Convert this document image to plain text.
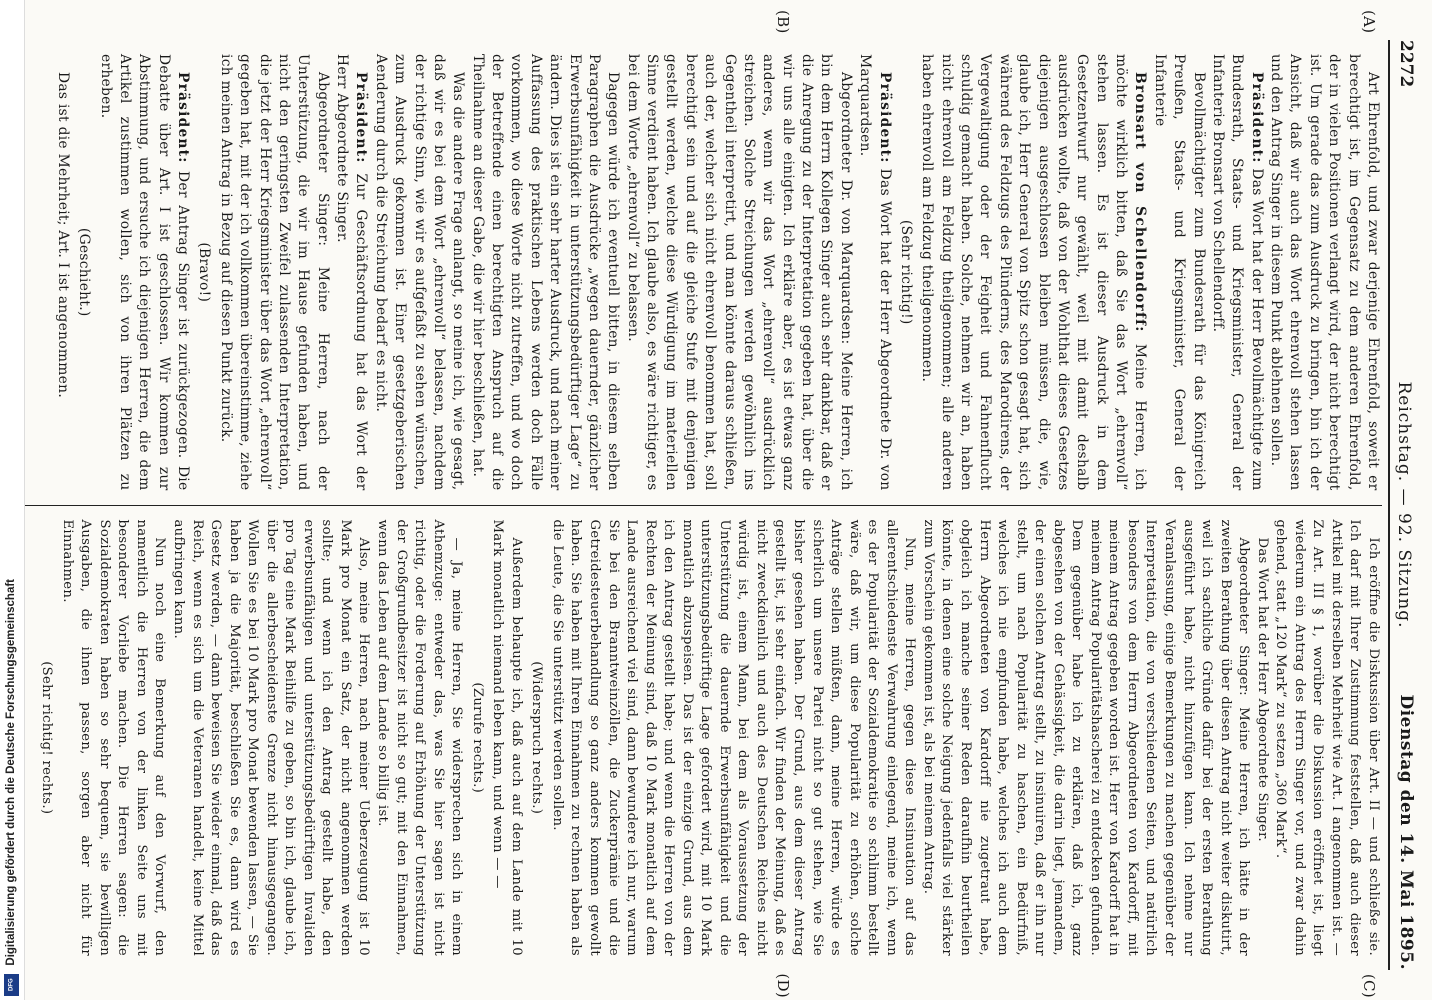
DFG
Digitalisierung gefördert durch die Deutsche Forschungsgemeinschaft
2272
Reichstag. — 92. Sitzung.
Dienstag den 14. Mai 1895.
(A)
(B)

Art Ehrenfold, und zwar derjenige Ehrenfold, soweit er berechtigt ist, im Gegensatz zu dem anderen Ehrenfold, der in vielen Positionen verlangt wird, der nicht berechtigt ist. Um gerade das zum Ausdruck zu bringen, bin ich der Ansicht, daß wir auch das Wort ehrenvoll stehen lassen und den Antrag Singer in diesem Punkt ablehnen sollen.

Präsident: Das Wort hat der Herr Bevollmächtigte zum Bundesrath, Staats- und Kriegsminister, General der Infanterie Bronsart von Schellendorff.

Bevollmächtigter zum Bundesrath für das Königreich Preußen, Staats- und Kriegsminister, General der Infanterie

Bronsart von Schellendorff: Meine Herren, ich möchte wirklich bitten, daß Sie das Wort „ehrenvoll“ stehen lassen. Es ist dieser Ausdruck in dem Gesetzentwurf nur gewählt, weil mit damit deshalb ausdrücken wollte, daß von der Wohlthat dieses Gesetzes diejenigen ausgeschlossen bleiben müssen, die, wie, glaube ich, Herr General von Spitz schon gesagt hat, sich während des Feldzugs des Plünderns, des Marodirens, der Vergewaltigung oder der Feigheit und Fahnenflucht schuldig gemacht haben. Solche, nehmen wir an, haben nicht ehrenvoll am Feldzug theilgenommen; alle anderen haben ehrenvoll am Feldzug theilgenommen.

(Sehr richtig!)

Präsident: Das Wort hat der Herr Abgeordnete Dr. von Marquardsen.

Abgeordneter Dr. von Marquardsen: Meine Herren, ich bin dem Herrn Kollegen Singer auch sehr dankbar, daß er die Anregung zu der Interpretation gegeben hat, über die wir uns alle einigten. Ich erkläre aber, es ist etwas ganz anderes, wenn wir das Wort „ehrenvoll“ ausdrücklich streichen. Solche Streichungen werden gewöhnlich ins Gegentheil interpretirt, und man könnte daraus schließen, auch der, welcher sich nicht ehrenvoll benommen hat, soll berechtigt sein und auf die gleiche Stufe mit denjenigen gestellt werden, welche diese Würdigung im materiellen Sinne verdient haben. Ich glaube also, es wäre richtiger, es bei dem Worte „ehrenvoll“ zu belassen.

Dagegen würde ich eventuell bitten, in diesem selben Paragraphen die Ausdrücke „wegen dauernder, gänzlicher Erwerbsunfähigkeit in unterstützungsbedürftiger Lage“ zu ändern. Dies ist ein sehr harter Ausdruck, und nach meiner Auffassung des praktischen Lebens werden doch Fälle vorkommen, wo diese Worte nicht zutreffen, und wo doch der Betreffende einen berechtigten Anspruch auf die Theilnahme an dieser Gabe, die wir hier beschließen, hat.

Was die andere Frage anlangt, so meine ich, wie gesagt, daß wir es bei dem Wort „ehrenvoll“ belassen, nachdem der richtige Sinn, wie wir es aufgefaßt zu sehen wünschen, zum Ausdruck gekommen ist. Einer gesetzgeberischen Aenderung durch die Streichung bedarf es nicht.

Präsident: Zur Geschäftsordnung hat das Wort der Herr Abgeordnete Singer.

Abgeordneter Singer: Meine Herren, nach der Unterstützung, die wir im Hause gefunden haben, und nicht den geringsten Zweifel zulassenden Interpretation, die jetzt der Herr Kriegsminister über das Wort „ehrenvoll“ gegeben hat, mit der ich vollkommen übereinstimme, ziehe ich meinen Antrag in Bezug auf diesen Punkt zurück.

(Bravo!)

Präsident: Der Antrag Singer ist zurückgezogen. Die Debatte über Art. I ist geschlossen. Wir kommen zur Abstimmung, und ersuche ich diejenigen Herren, die dem Artikel zustimmen wollen, sich von ihren Plätzen zu erheben.

(Geschieht.)

Das ist die Mehrheit; Art. I ist angenommen.

(C)
(D)

Ich eröffne die Diskussion über Art. II — und schließe sie. Ich darf mit Ihrer Zustimmung feststellen, daß auch dieser Artikel mit derselben Mehrheit wie Art. I angenommen ist. — Zu Art. III § 1, worüber die Diskussion eröffnet ist, liegt wiederum ein Antrag des Herrn Singer vor, und zwar dahin gehend, statt „120 Mark“ zu setzen „360 Mark“.

Das Wort hat der Herr Abgeordnete Singer.

Abgeordneter Singer: Meine Herren, ich hätte in der zweiten Berathung über diesen Antrag nicht weiter diskutirt, weil ich sachliche Gründe dafür bei der ersten Berathung ausgeführt habe, nicht hinzufügen kann. Ich nehme nur Veranlassung, einige Bemerkungen zu machen gegenüber der Interpretation, die von verschiedenen Seiten, und natürlich besonders von dem Herrn Abgeordneten von Kardorff, mit meinem Antrag gegeben worden ist. Herr von Kardorff hat in meinem Antrag Popularitätshascherei zu entdecken gefunden. Dem gegenüber habe ich zu erklären, daß ich, ganz abgesehen von der Gehässigkeit, die darin liegt, jemandem, der einen solchen Antrag stellt, zu insinuiren, daß er ihn nur stellt, um nach Popularität zu haschen, ein Bedürfniß, welches ich nie empfunden habe, welches ich auch dem Herrn Abgeordneten von Kardorff nie zugetraut habe, obgleich ich manche seiner Reden daraufhin beurtheilen könnte, in denen eine solche Neigung jedenfalls viel stärker zum Vorschein gekommen ist, als bei meinem Antrag.

Nun, meine Herren, gegen diese Insinuation auf das allerentschiedenste Verwahrung einlegend, meine ich, wenn es der Popularität der Sozialdemokratie so schlimm bestellt wäre, daß wir, um diese Popularität zu erhöhen, solche Anträge stellen müßten, dann, meine Herren, würde es sicherlich um unsere Partei nicht so gut stehen, wie Sie bisher gesehen haben. Der Grund, aus dem dieser Antrag gestellt ist, ist sehr einfach. Wir finden der Meinung, daß es nicht zweckdienlich und auch des Deutschen Reiches nicht würdig ist, einem Mann, bei dem als Voraussetzung der Unterstützung die dauernde Erwerbsunfähigkeit und die unterstützungsbedürftige Lage gefordert wird, mit 10 Mark monatlich abzuspeisen. Das ist der einzige Grund, aus dem ich den Antrag gestellt habe; und wenn die Herren von der Rechten der Meinung sind, daß 10 Mark monatlich auf dem Lande ausreichend viel sind, dann bewundere ich nur, warum Sie bei den Branntweinzöllen, die Zuckerprämie und die Getreidesteuerbehandlung so ganz anders kommen gewollt haben. Sie haben mit Ihren Einnahmen zu rechnen haben als die Leute, die Sie unterstützt werden sollen.

(Widerspruch rechts.)

Außerdem behaupte ich, daß auch auf dem Lande mit 10 Mark monatlich niemand leben kann, und wenn — —

(Zurufe rechts.)

— Ja, meine Herren, Sie widersprechen sich in einem Athemzuge: entweder das, was Sie hier sagen ist nicht richtig, oder die Forderung auf Erhöhung der Unterstützung der Großgrundbesitzer ist nicht so gut; mit den Einnahmen, wenn das Leben auf dem Lande so billig ist.

Also, meine Herren, nach meiner Ueberzeugung ist 10 Mark pro Monat ein Satz, der nicht angenommen werden sollte; und wenn ich den Antrag gestellt habe, den erwerbsunfähigen und unterstützungsbedürftigen Invaliden pro Tag eine Mark Beihilfe zu geben, so bin ich, glaube ich, über die allerbescheidenste Grenze nicht hinausgegangen. Wollen Sie es bei 10 Mark pro Monat bewenden lassen, — Sie haben ja die Majorität, beschließen Sie es, dann wird es Gesetz werden, — dann beweisen Sie wieder einmal, daß das Reich, wenn es sich um die Veteranen handelt, keine Mittel aufbringen kann.

Nun noch eine Bemerkung auf den Vorwurf, den namentlich die Herren von der linken Seite uns mit besonderer Vorliebe machen. Die Herren sagen: die Sozialdemokraten haben so sehr bequem, sie bewilligen Ausgaben, die ihnen passen, sorgen aber nicht für Einnahmen.

(Sehr richtig! rechts.)
